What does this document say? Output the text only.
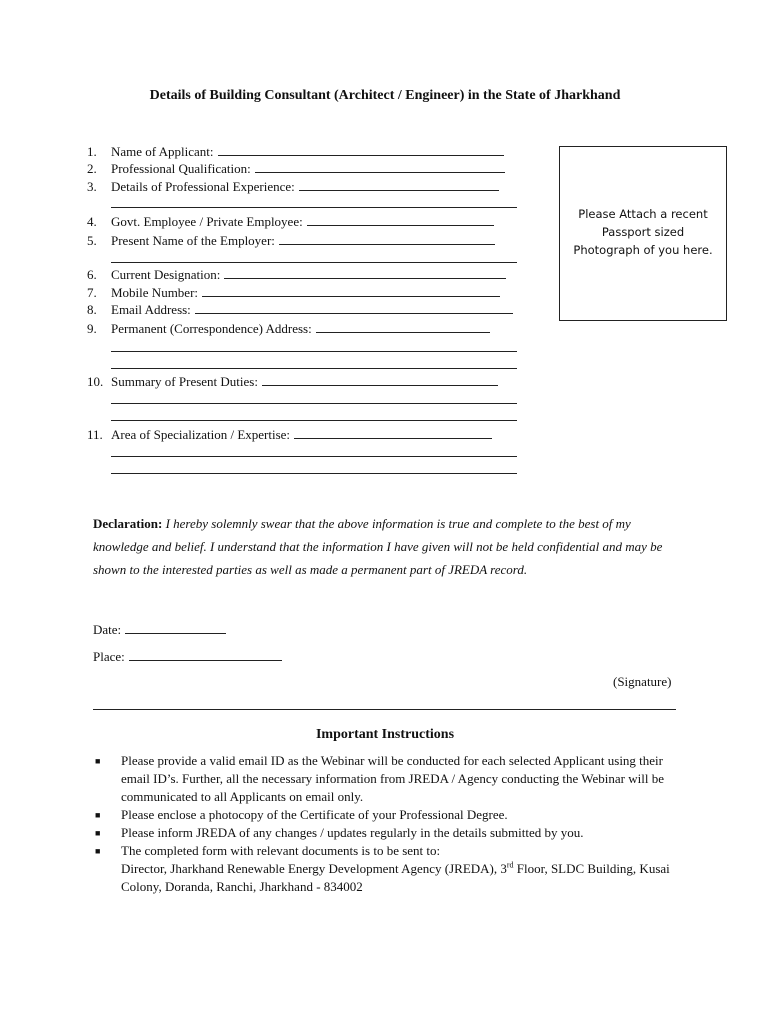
Details of Building Consultant (Architect / Engineer) in the State of Jharkhand
1. Name of Applicant:
2. Professional Qualification:
3. Details of Professional Experience:
4. Govt. Employee / Private Employee:
5. Present Name of the Employer:
6. Current Designation:
7. Mobile Number:
8. Email Address:
9. Permanent (Correspondence) Address:
10. Summary of Present Duties:
11. Area of Specialization / Expertise:
Please Attach a recent
Passport sized
Photograph of you here.
Declaration: I hereby solemnly swear that the above information is true and complete to the best of my knowledge and belief. I understand that the information I have given will not be held confidential and may be shown to the interested parties as well as made a permanent part of JREDA record.
Date:
Place:
(Signature)
Important Instructions
■ Please provide a valid email ID as the Webinar will be conducted for each selected Applicant using their email ID’s. Further, all the necessary information from JREDA / Agency conducting the Webinar will be communicated to all Applicants on email only.
■ Please enclose a photocopy of the Certificate of your Professional Degree.
■ Please inform JREDA of any changes / updates regularly in the details submitted by you.
■ The completed form with relevant documents is to be sent to:
Director, Jharkhand Renewable Energy Development Agency (JREDA), 3rd Floor, SLDC Building, Kusai Colony, Doranda, Ranchi, Jharkhand - 834002
